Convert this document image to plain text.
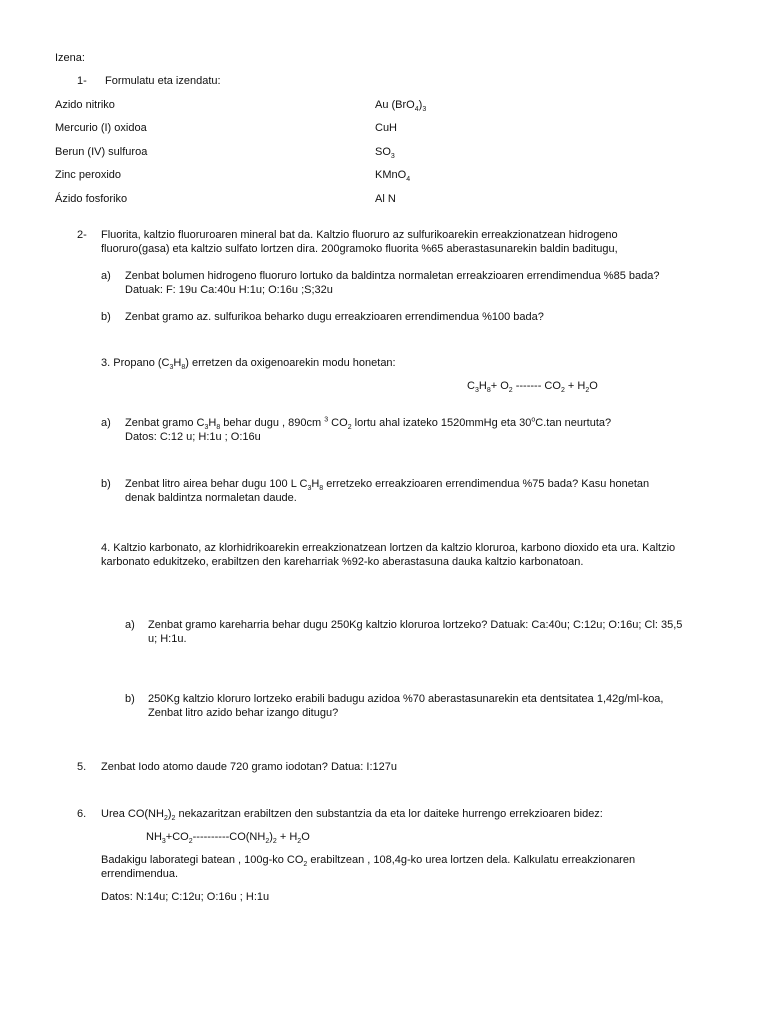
Izena:
1- Formulatu eta izendatu:
Azido nitriko
Mercurio (I) oxidoa
Berun (IV) sulfuroa
Zinc peroxido
Ázido fosforiko
Au $(BrO_4)_3$
CuH
$SO_3$
KMnO$_4$
Al N
2- Fluorita, kaltzio fluoruroaren mineral bat da. Kaltzio fluoruro az sulfurikoarekin erreakzionatzean hidrogeno
fluoruro(gasa) eta kaltzio sulfato lortzen dira. 200gramoko fluorita %65 aberastasunarekin baldin baditugu,
a) Zenbat bolumen hidrogeno fluoruro lortuko da baldintza normaletan erreakzioaren errendimendua %85 bada?
Datuak: F: 19u Ca:40u H:1u; O:16u ;S;32u
b) Zenbat gramo az. sulfurikoa beharko dugu erreakzioaren errendimendua %100 bada?
3. Propano $(C_3H_8)$ erretzen da oxigenoarekin modu honetan:
$C_3H_8+ O_2$ ------- $CO_2 + H_2O$
a) Zenbat gramo $C_3H_8$ behar dugu , 890cm $^3$ $CO_2$ lortu ahal izateko 1520mmHg eta 30$^o$C.tan neurtuta?
Datos: C:12 u; H:1u ; O:16u
b) Zenbat litro airea behar dugu 100 L $C_3H_8$ erretzeko erreakzioaren errendimendua %75 bada? Kasu honetan
denak baldintza normaletan daude.
4. Kaltzio karbonato, az klorhidrikoarekin erreakzionatzean lortzen da kaltzio kloruroa, karbono dioxido eta ura. Kaltzio
karbonato edukitzeko, erabiltzen den kareharriak %92-ko aberastasuna dauka kaltzio karbonatoan.
a) Zenbat gramo kareharria behar dugu 250Kg kaltzio kloruroa lortzeko? Datuak: Ca:40u; C:12u; O:16u; Cl: 35,5
u; H:1u.
b) 250Kg kaltzio kloruro lortzeko erabili badugu azidoa %70 aberastasunarekin eta dentsitatea 1,42g/ml-koa,
Zenbat litro azido behar izango ditugu?
5. Zenbat Iodo atomo daude 720 gramo iodotan? Datua: I:127u
6. Urea $CO(NH_2)_2$ nekazaritzan erabiltzen den substantzia da eta lor daiteke hurrengo errekzioaren bidez:
$NH_3+CO_2----------CO(NH_2)_2 + H_2O$
Badakigu laborategi batean , 100g-ko $CO_2$ erabiltzean , 108,4g-ko urea lortzen dela. Kalkulatu erreakzionaren
errendimendua.
Datos: N:14u; C:12u; O:16u ; H:1u
